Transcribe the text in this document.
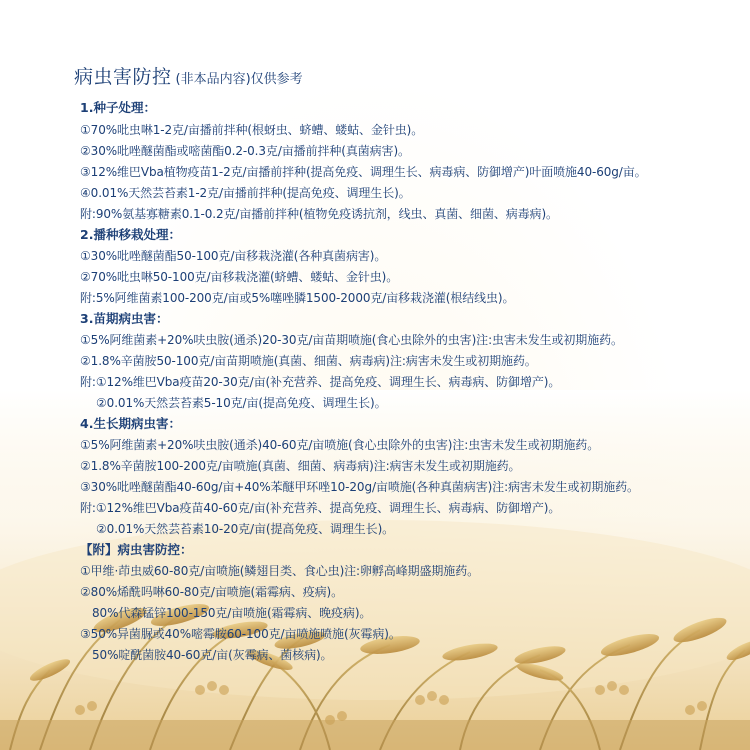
病虫害防控 (非本品内容)仅供参考
1.种子处理：
①70%吡虫啉1-2克/亩播前拌种(根蚜虫、蛴螬、蝼蛄、金针虫)。
②30%吡唑醚菌酯或嘧菌酯0.2-0.3克/亩播前拌种(真菌病害)。
③12%维巴Vba植物疫苗1-2克/亩播前拌种(提高免疫、调理生长、病毒病、防御增产)叶面喷施40-60g/亩。
④0.01%天然芸苔素1-2克/亩播前拌种(提高免疫、调理生长)。
附:90%氨基寡糖素0.1-0.2克/亩播前拌种(植物免疫诱抗剂，线虫、真菌、细菌、病毒病)。
2.播种移栽处理：
①30%吡唑醚菌酯50-100克/亩移栽浇灌(各种真菌病害)。
②70%吡虫啉50-100克/亩移栽浇灌(蛴螬、蝼蛄、金针虫)。
附:5%阿维菌素100-200克/亩或5%噻唑膦1500-2000克/亩移栽浇灌(根结线虫)。
3.苗期病虫害：
①5%阿维菌素+20%呋虫胺(通杀)20-30克/亩苗期喷施(食心虫除外的虫害)注:虫害未发生或初期施药。
②1.8%辛菌胺50-100克/亩苗期喷施(真菌、细菌、病毒病)注:病害未发生或初期施药。
附:①12%维巴Vba疫苗20-30克/亩(补充营养、提高免疫、调理生长、病毒病、防御增产)。
②0.01%天然芸苔素5-10克/亩(提高免疫、调理生长)。
4.生长期病虫害：
①5%阿维菌素+20%呋虫胺(通杀)40-60克/亩喷施(食心虫除外的虫害)注:虫害未发生或初期施药。
②1.8%辛菌胺100-200克/亩喷施(真菌、细菌、病毒病)注:病害未发生或初期施药。
③30%吡唑醚菌酯40-60g/亩+40%苯醚甲环唑10-20g/亩喷施(各种真菌病害)注:病害未发生或初期施药。
附:①12%维巴Vba疫苗40-60克/亩(补充营养、提高免疫、调理生长、病毒病、防御增产)。
②0.01%天然芸苔素10-20克/亩(提高免疫、调理生长)。
【附】病虫害防控：
①甲维·茚虫威60-80克/亩喷施(鳞翅目类、食心虫)注:卵孵高峰期盛期施药。
②80%烯酰吗啉60-80克/亩喷施(霜霉病、疫病)。
80%代森锰锌100-150克/亩喷施(霜霉病、晚疫病)。
③50%异菌脲或40%嘧霉胺60-100克/亩喷施喷施(灰霉病)。
50%啶酰菌胺40-60克/亩(灰霉病、菌核病)。
